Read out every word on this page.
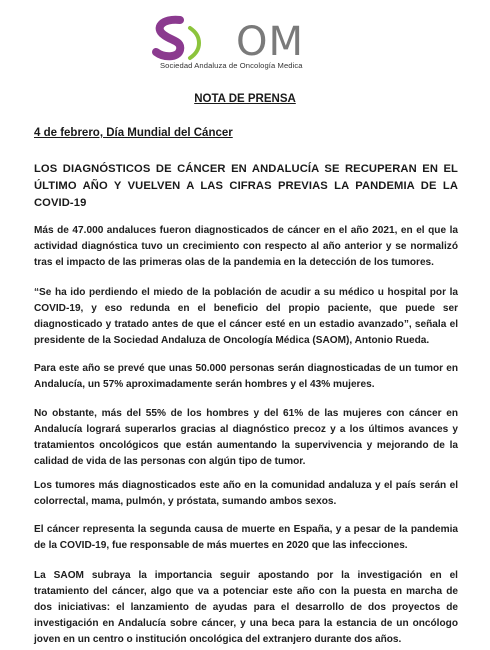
OM
Sociedad Andaluza de Oncología Medica
NOTA DE PRENSA
4 de febrero, Día Mundial del Cáncer
LOS DIAGNÓSTICOS DE CÁNCER EN ANDALUCÍA SE RECUPERAN EN EL ÚLTIMO AÑO Y VUELVEN A LAS CIFRAS PREVIAS LA PANDEMIA DE LA COVID-19
Más de 47.000 andaluces fueron diagnosticados de cáncer en el año 2021, en el que la actividad diagnóstica tuvo un crecimiento con respecto al año anterior y se normalizó tras el impacto de las primeras olas de la pandemia en la detección de los tumores.
“Se ha ido perdiendo el miedo de la población de acudir a su médico u hospital por la COVID-19, y eso redunda en el beneficio del propio paciente, que puede ser diagnosticado y tratado antes de que el cáncer esté en un estadio avanzado”, señala el presidente de la Sociedad Andaluza de Oncología Médica (SAOM), Antonio Rueda.
Para este año se prevé que unas 50.000 personas serán diagnosticadas de un tumor en Andalucía, un 57% aproximadamente serán hombres y el 43% mujeres.
No obstante, más del 55% de los hombres y del 61% de las mujeres con cáncer en Andalucía logrará superarlos gracias al diagnóstico precoz y a los últimos avances y tratamientos oncológicos que están aumentando la supervivencia y mejorando de la calidad de vida de las personas con algún tipo de tumor.
Los tumores más diagnosticados este año en la comunidad andaluza y el país serán el colorrectal, mama, pulmón, y próstata, sumando ambos sexos.
El cáncer representa la segunda causa de muerte en España, y a pesar de la pandemia de la COVID-19, fue responsable de más muertes en 2020 que las infecciones.
La SAOM subraya la importancia seguir apostando por la investigación en el tratamiento del cáncer, algo que va a potenciar este año con la puesta en marcha de dos iniciativas: el lanzamiento de ayudas para el desarrollo de dos proyectos de investigación en Andalucía sobre cáncer, y una beca para la estancia de un oncólogo joven en un centro o institución oncológica del extranjero durante dos años.
